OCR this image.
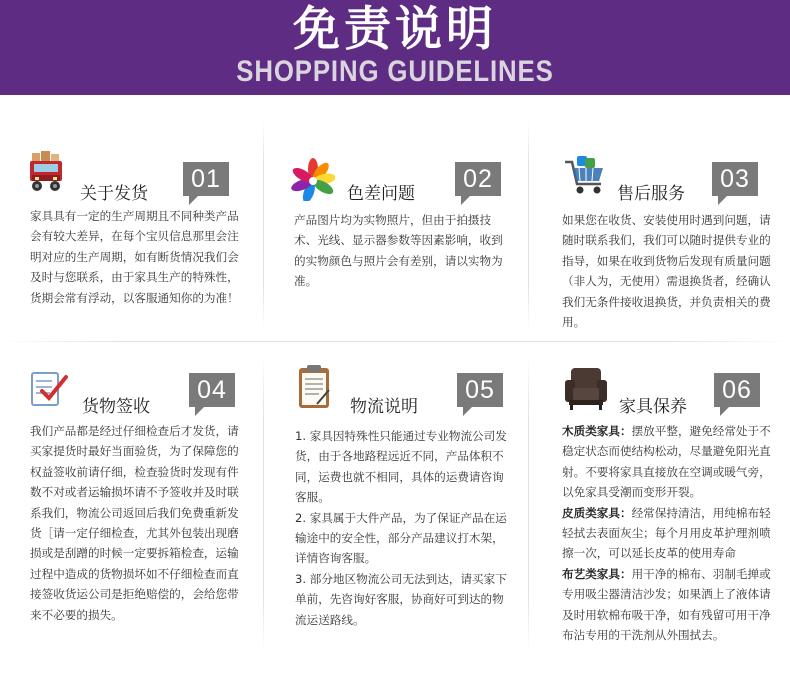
免责说明
SHOPPING GUIDELINES
关于发货
01

家具具有一定的生产周期且不同种类产品会有较大差异，在每个宝贝信息那里会注明对应的生产周期，如有断货情况我们会及时与您联系，由于家具生产的特殊性，货期会常有浮动，以客服通知你的为准！

色差问题
02

产品图片均为实物照片，但由于拍摄技术、光线、显示器参数等因素影响，收到的实物颜色与照片会有差别，请以实物为准。

售后服务
03

如果您在收货、安装使用时遇到问题，请随时联系我们，我们可以随时提供专业的指导，如果在收到货物后发现有质量问题（非人为，无使用）需退换货者，经确认我们无条件接收退换货，并负责相关的费用。

货物签收
04

我们产品都是经过仔细检查后才发货，请买家提货时最好当面验货，为了保障您的权益签收前请仔细，检查验货时发现有件数不对或者运输损坏请不予签收并及时联系我们，物流公司返回后我们免费重新发货［请一定仔细检查，尤其外包装出现磨损或是刮蹭的时候一定要拆箱检查，运输过程中造成的货物损坏如不仔细检查而直接签收货运公司是拒绝赔偿的，会给您带来不必要的损失。

物流说明
05

1. 家具因特殊性只能通过专业物流公司发货，由于各地路程远近不同，产品体积不同，运费也就不相同，具体的运费请咨询客服。

2. 家具属于大件产品，为了保证产品在运输途中的安全性，部分产品建议打木架，详情咨询客服。

3. 部分地区物流公司无法到达，请买家下单前，先咨询好客服，协商好可到达的物流运送路线。

家具保养
06

木质类家具：摆放平整，避免经常处于不稳定状态而使结构松动，尽量避免阳光直射。不要将家具直接放在空调或暖气旁，以免家具受潮而变形开裂。

皮质类家具：经常保持清洁，用纯棉布轻轻拭去表面灰尘；每个月用皮革护理剂喷擦一次，可以延长皮革的使用寿命

布艺类家具：用干净的棉布、羽制毛掸或专用吸尘器清洁沙发；如果洒上了液体请及时用软棉布吸干净，如有残留可用干净布沾专用的干洗剂从外围拭去。
